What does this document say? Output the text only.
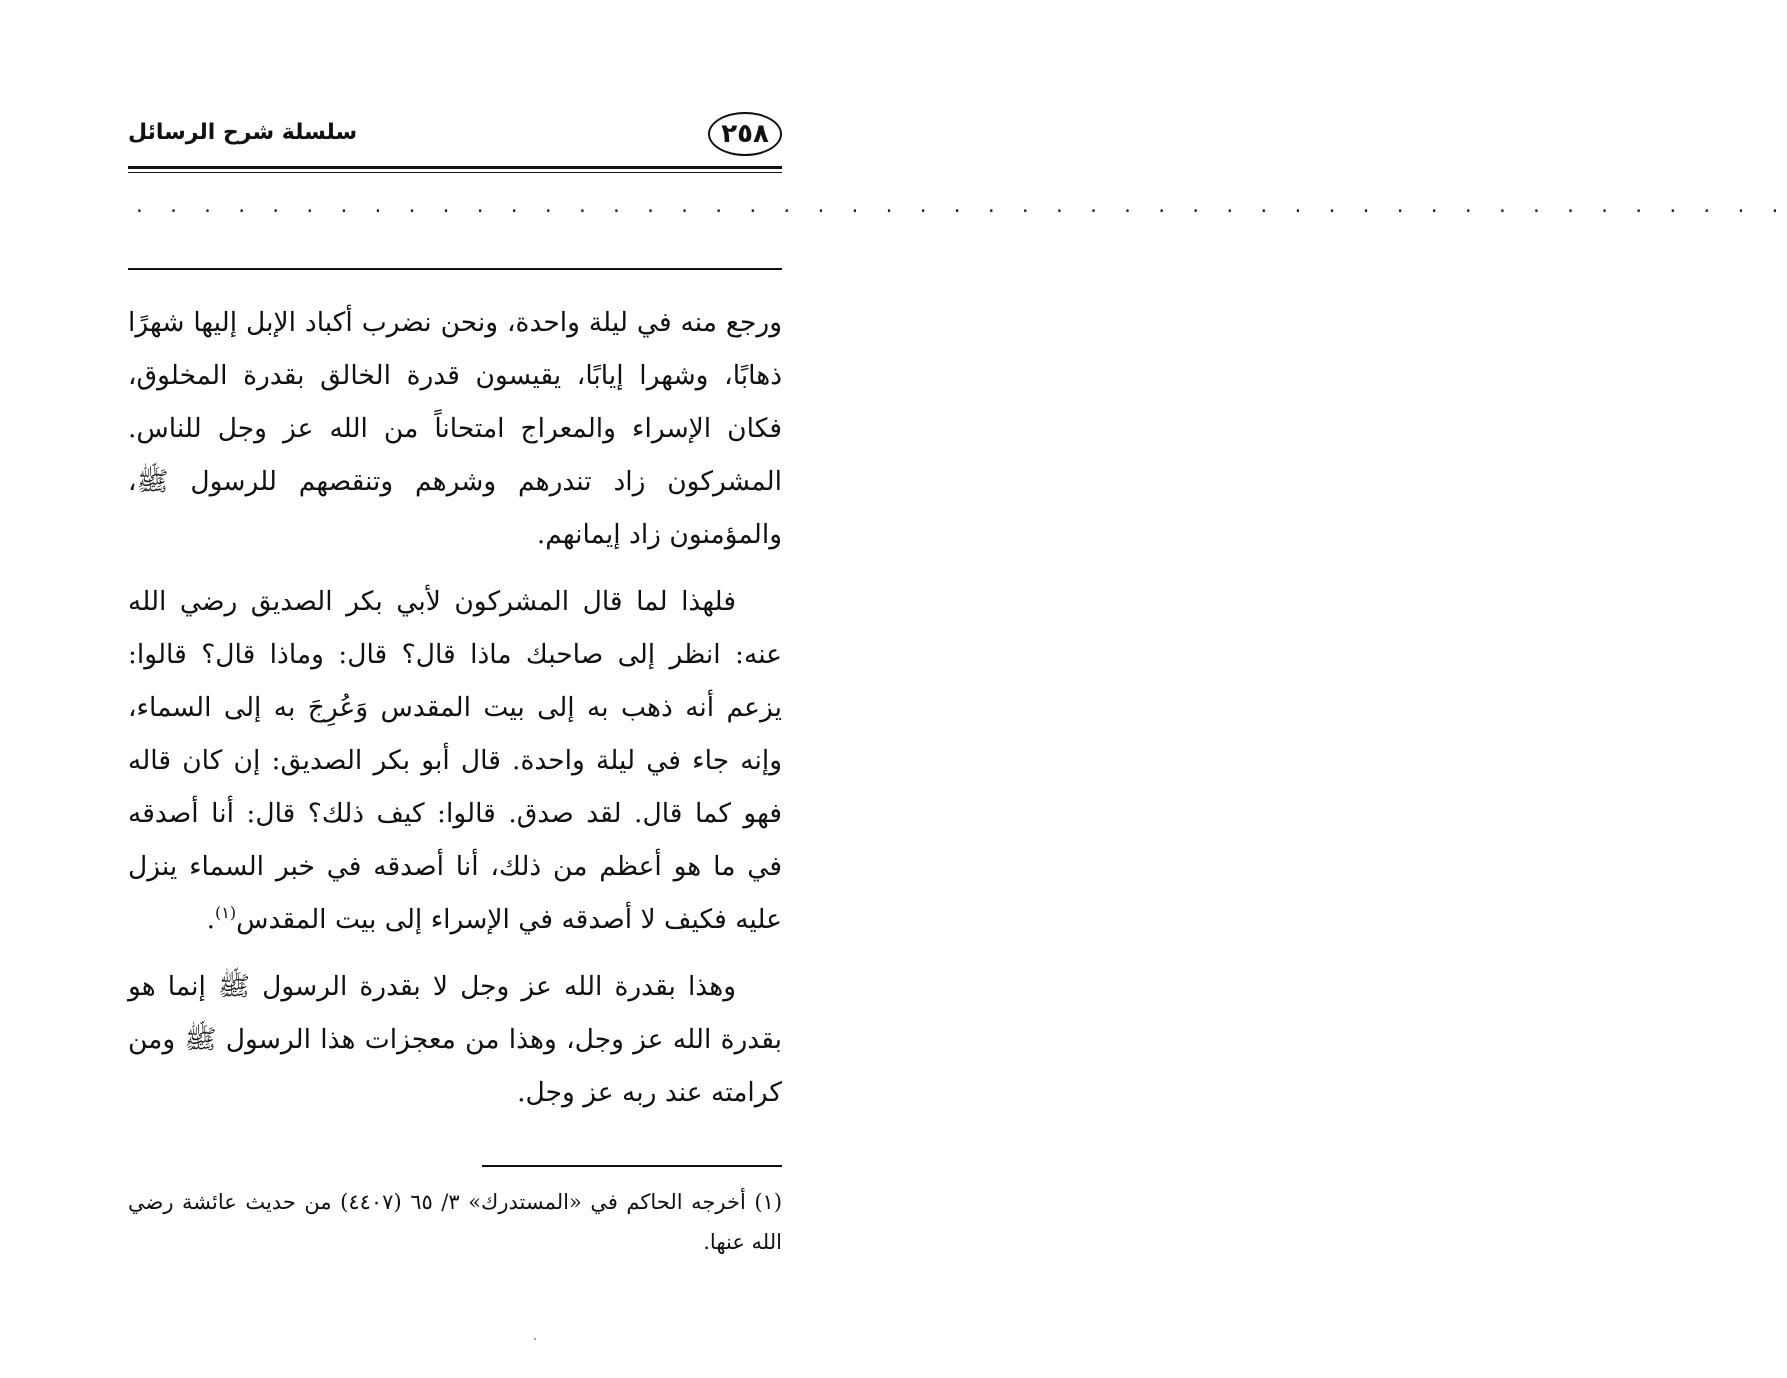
٢٥٨
سلسلة شرح الرسائل
. . . . . . . . . . . . . . . . . . . . . . . . . . . . . . . . . . . . . . . . . . . . . . . . .

ورجع منه في ليلة واحدة، ونحن نضرب أكباد الإبل إليها شهرًا ذهابًا، وشهرا إيابًا، يقيسون قدرة الخالق بقدرة المخلوق، فكان الإسراء والمعراج امتحاناً من الله عز وجل للناس. المشركون زاد تندرهم وشرهم وتنقصهم للرسول ﷺ، والمؤمنون زاد إيمانهم.

فلهذا لما قال المشركون لأبي بكر الصديق رضي الله عنه: انظر إلى صاحبك ماذا قال؟ قال: وماذا قال؟ قالوا: يزعم أنه ذهب به إلى بيت المقدس وَعُرِجَ به إلى السماء، وإنه جاء في ليلة واحدة. قال أبو بكر الصديق: إن كان قاله فهو كما قال. لقد صدق. قالوا: كيف ذلك؟ قال: أنا أصدقه في ما هو أعظم من ذلك، أنا أصدقه في خبر السماء ينزل عليه فكيف لا أصدقه في الإسراء إلى بيت المقدس$^{(١)}$.

وهذا بقدرة الله عز وجل لا بقدرة الرسول ﷺ إنما هو بقدرة الله عز وجل، وهذا من معجزات هذا الرسول ﷺ ومن كرامته عند ربه عز وجل.

(١) أخرجه الحاكم في «المستدرك» ٣/ ٦٥ (٤٤٠٧) من حديث عائشة رضي الله عنها.
